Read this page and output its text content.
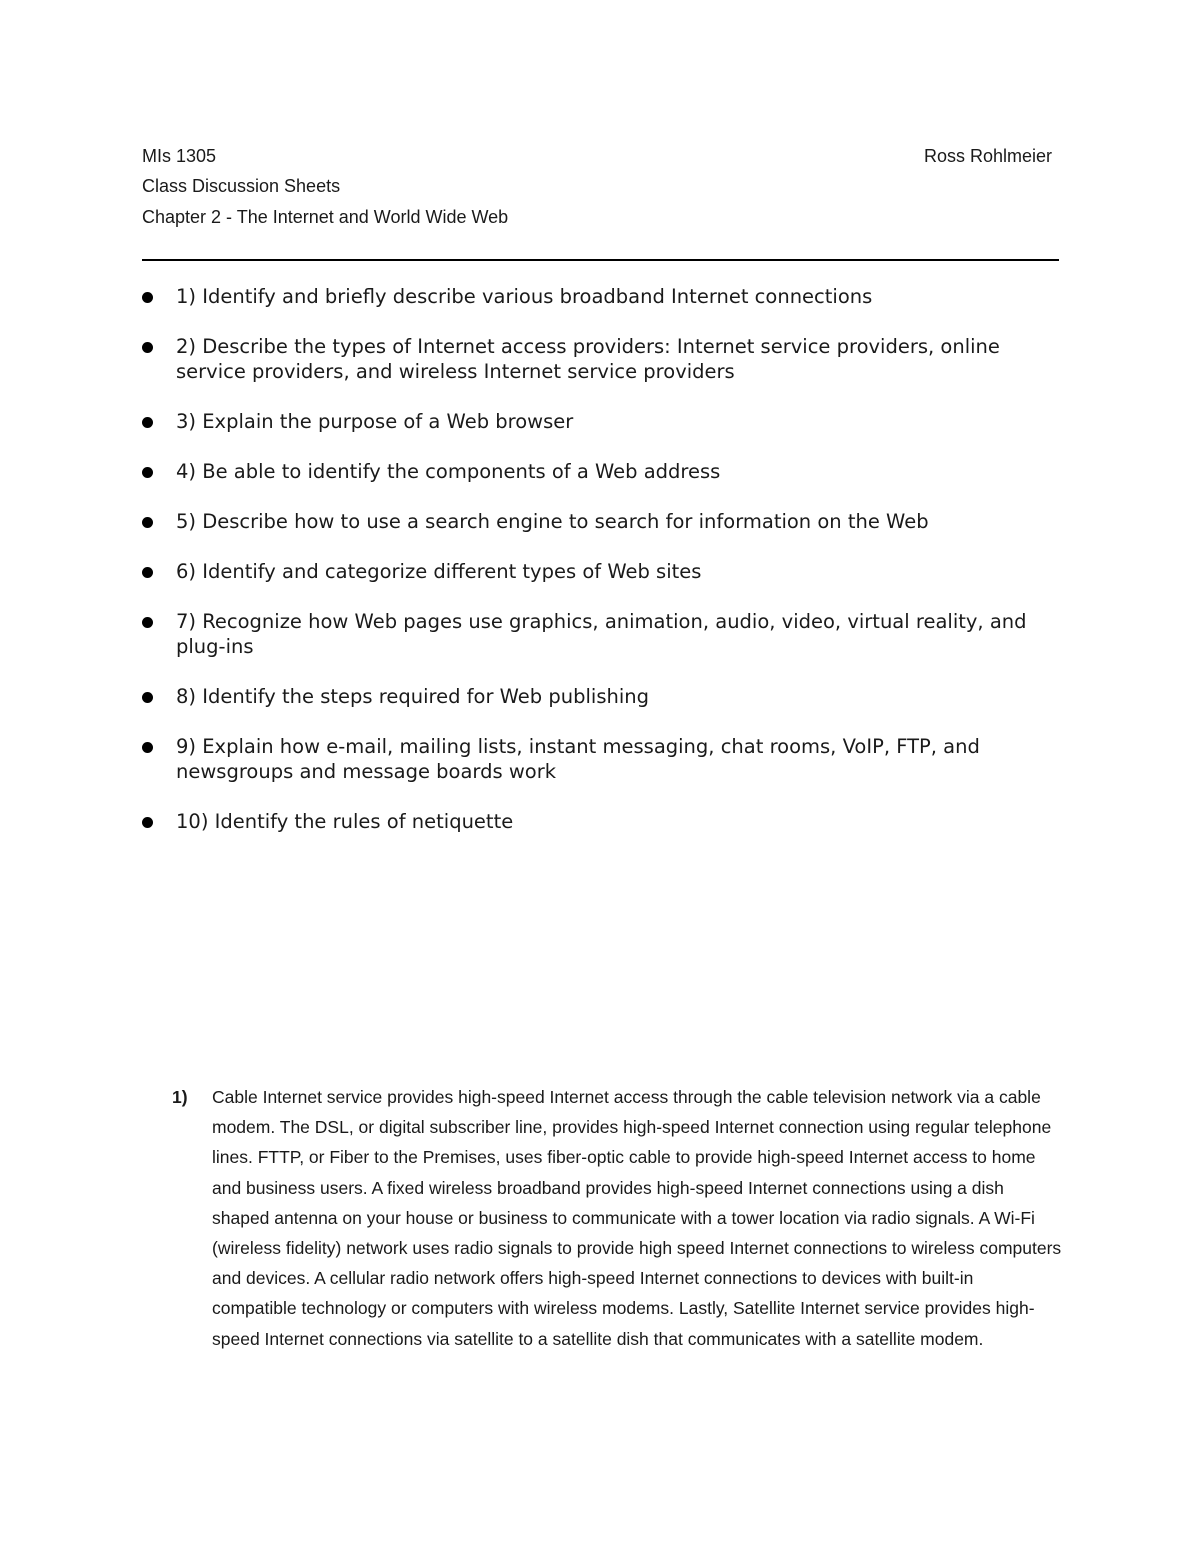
MIs 1305	Ross Rohlmeier
Class Discussion Sheets
Chapter 2 - The Internet and World Wide Web
1) Identify and briefly describe various broadband Internet connections
2) Describe the types of Internet access providers: Internet service providers, online service providers, and wireless Internet service providers
3) Explain the purpose of a Web browser
4) Be able to identify the components of a Web address
5) Describe how to use a search engine to search for information on the Web
6) Identify and categorize different types of Web sites
7) Recognize how Web pages use graphics, animation, audio, video, virtual reality, and plug-ins
8) Identify the steps required for Web publishing
9) Explain how e-mail, mailing lists, instant messaging, chat rooms, VoIP, FTP, and newsgroups and message boards work
10) Identify the rules of netiquette
1) Cable Internet service provides high-speed Internet access through the cable television network via a cable modem. The DSL, or digital subscriber line, provides high-speed Internet connection using regular telephone lines. FTTP, or Fiber to the Premises, uses fiber-optic cable to provide high-speed Internet access to home and business users. A fixed wireless broadband provides high-speed Internet connections using a dish shaped antenna on your house or business to communicate with a tower location via radio signals. A Wi-Fi (wireless fidelity) network uses radio signals to provide high speed Internet connections to wireless computers and devices. A cellular radio network offers high-speed Internet connections to devices with built-in compatible technology or computers with wireless modems. Lastly, Satellite Internet service provides high-speed Internet connections via satellite to a satellite dish that communicates with a satellite modem.
